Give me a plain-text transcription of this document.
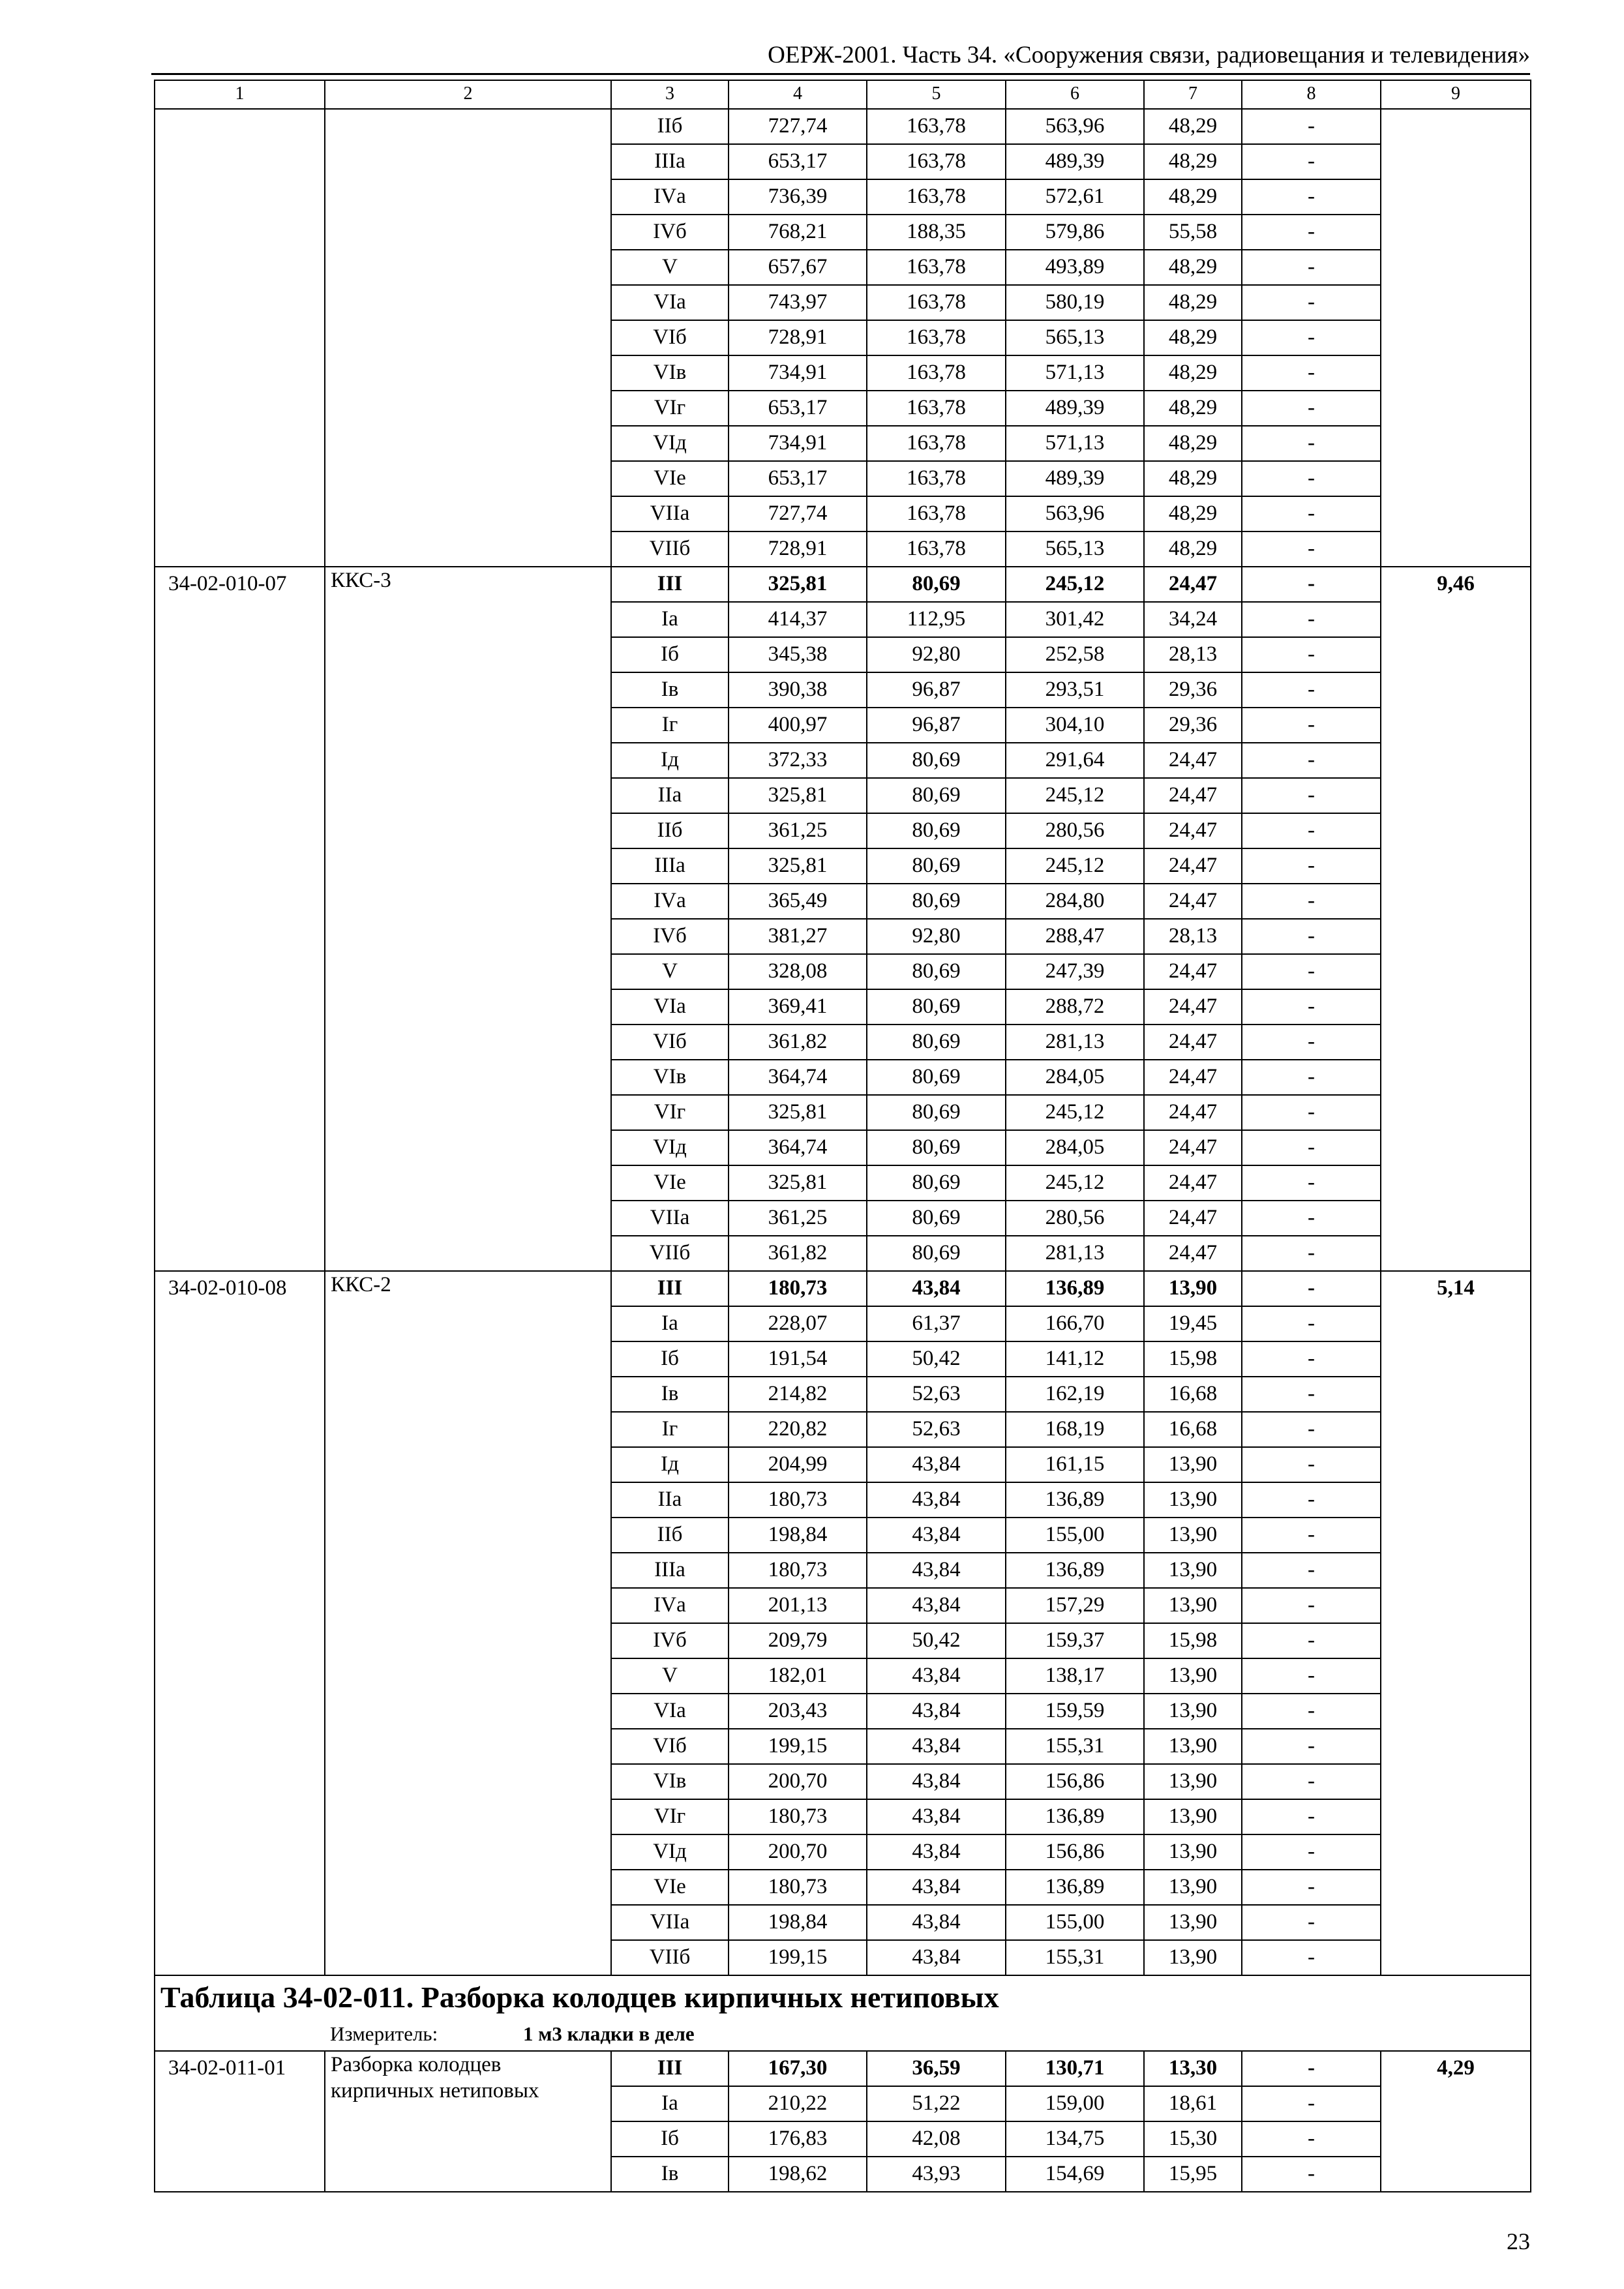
ОЕРЖ-2001. Часть 34. «Сооружения связи, радиовещания и телевидения»
1	2	3	4	5	6	7	8	9
		IIб	727,74	163,78	563,96	48,29	-	
		IIIа	653,17	163,78	489,39	48,29	-	
		IVа	736,39	163,78	572,61	48,29	-	
		IVб	768,21	188,35	579,86	55,58	-	
		V	657,67	163,78	493,89	48,29	-	
		VIа	743,97	163,78	580,19	48,29	-	
		VIб	728,91	163,78	565,13	48,29	-	
		VIв	734,91	163,78	571,13	48,29	-	
		VIг	653,17	163,78	489,39	48,29	-	
		VIд	734,91	163,78	571,13	48,29	-	
		VIе	653,17	163,78	489,39	48,29	-	
		VIIа	727,74	163,78	563,96	48,29	-	
		VIIб	728,91	163,78	565,13	48,29	-	
34-02-010-07	ККС-3	III	325,81	80,69	245,12	24,47	-	9,46
		Iа	414,37	112,95	301,42	34,24	-	
		Iб	345,38	92,80	252,58	28,13	-	
		Iв	390,38	96,87	293,51	29,36	-	
		Iг	400,97	96,87	304,10	29,36	-	
		Iд	372,33	80,69	291,64	24,47	-	
		IIа	325,81	80,69	245,12	24,47	-	
		IIб	361,25	80,69	280,56	24,47	-	
		IIIа	325,81	80,69	245,12	24,47	-	
		IVа	365,49	80,69	284,80	24,47	-	
		IVб	381,27	92,80	288,47	28,13	-	
		V	328,08	80,69	247,39	24,47	-	
		VIа	369,41	80,69	288,72	24,47	-	
		VIб	361,82	80,69	281,13	24,47	-	
		VIв	364,74	80,69	284,05	24,47	-	
		VIг	325,81	80,69	245,12	24,47	-	
		VIд	364,74	80,69	284,05	24,47	-	
		VIе	325,81	80,69	245,12	24,47	-	
		VIIа	361,25	80,69	280,56	24,47	-	
		VIIб	361,82	80,69	281,13	24,47	-	
34-02-010-08	ККС-2	III	180,73	43,84	136,89	13,90	-	5,14
		Iа	228,07	61,37	166,70	19,45	-	
		Iб	191,54	50,42	141,12	15,98	-	
		Iв	214,82	52,63	162,19	16,68	-	
		Iг	220,82	52,63	168,19	16,68	-	
		Iд	204,99	43,84	161,15	13,90	-	
		IIа	180,73	43,84	136,89	13,90	-	
		IIб	198,84	43,84	155,00	13,90	-	
		IIIа	180,73	43,84	136,89	13,90	-	
		IVа	201,13	43,84	157,29	13,90	-	
		IVб	209,79	50,42	159,37	15,98	-	
		V	182,01	43,84	138,17	13,90	-	
		VIа	203,43	43,84	159,59	13,90	-	
		VIб	199,15	43,84	155,31	13,90	-	
		VIв	200,70	43,84	156,86	13,90	-	
		VIг	180,73	43,84	136,89	13,90	-	
		VIд	200,70	43,84	156,86	13,90	-	
		VIе	180,73	43,84	136,89	13,90	-	
		VIIа	198,84	43,84	155,00	13,90	-	
		VIIб	199,15	43,84	155,31	13,90	-	

Таблица 34-02-011. Разборка колодцев кирпичных нетиповых								

Измеритель: 1 м3 кладки в деле								

34-02-011-01	Разборка колодцев кирпичных нетиповых	III	167,30	36,59	130,71	13,30	-	4,29
		Iа	210,22	51,22	159,00	18,61	-	
		Iб	176,83	42,08	134,75	15,30	-	
		Iв	198,62	43,93	154,69	15,95	-	
23
